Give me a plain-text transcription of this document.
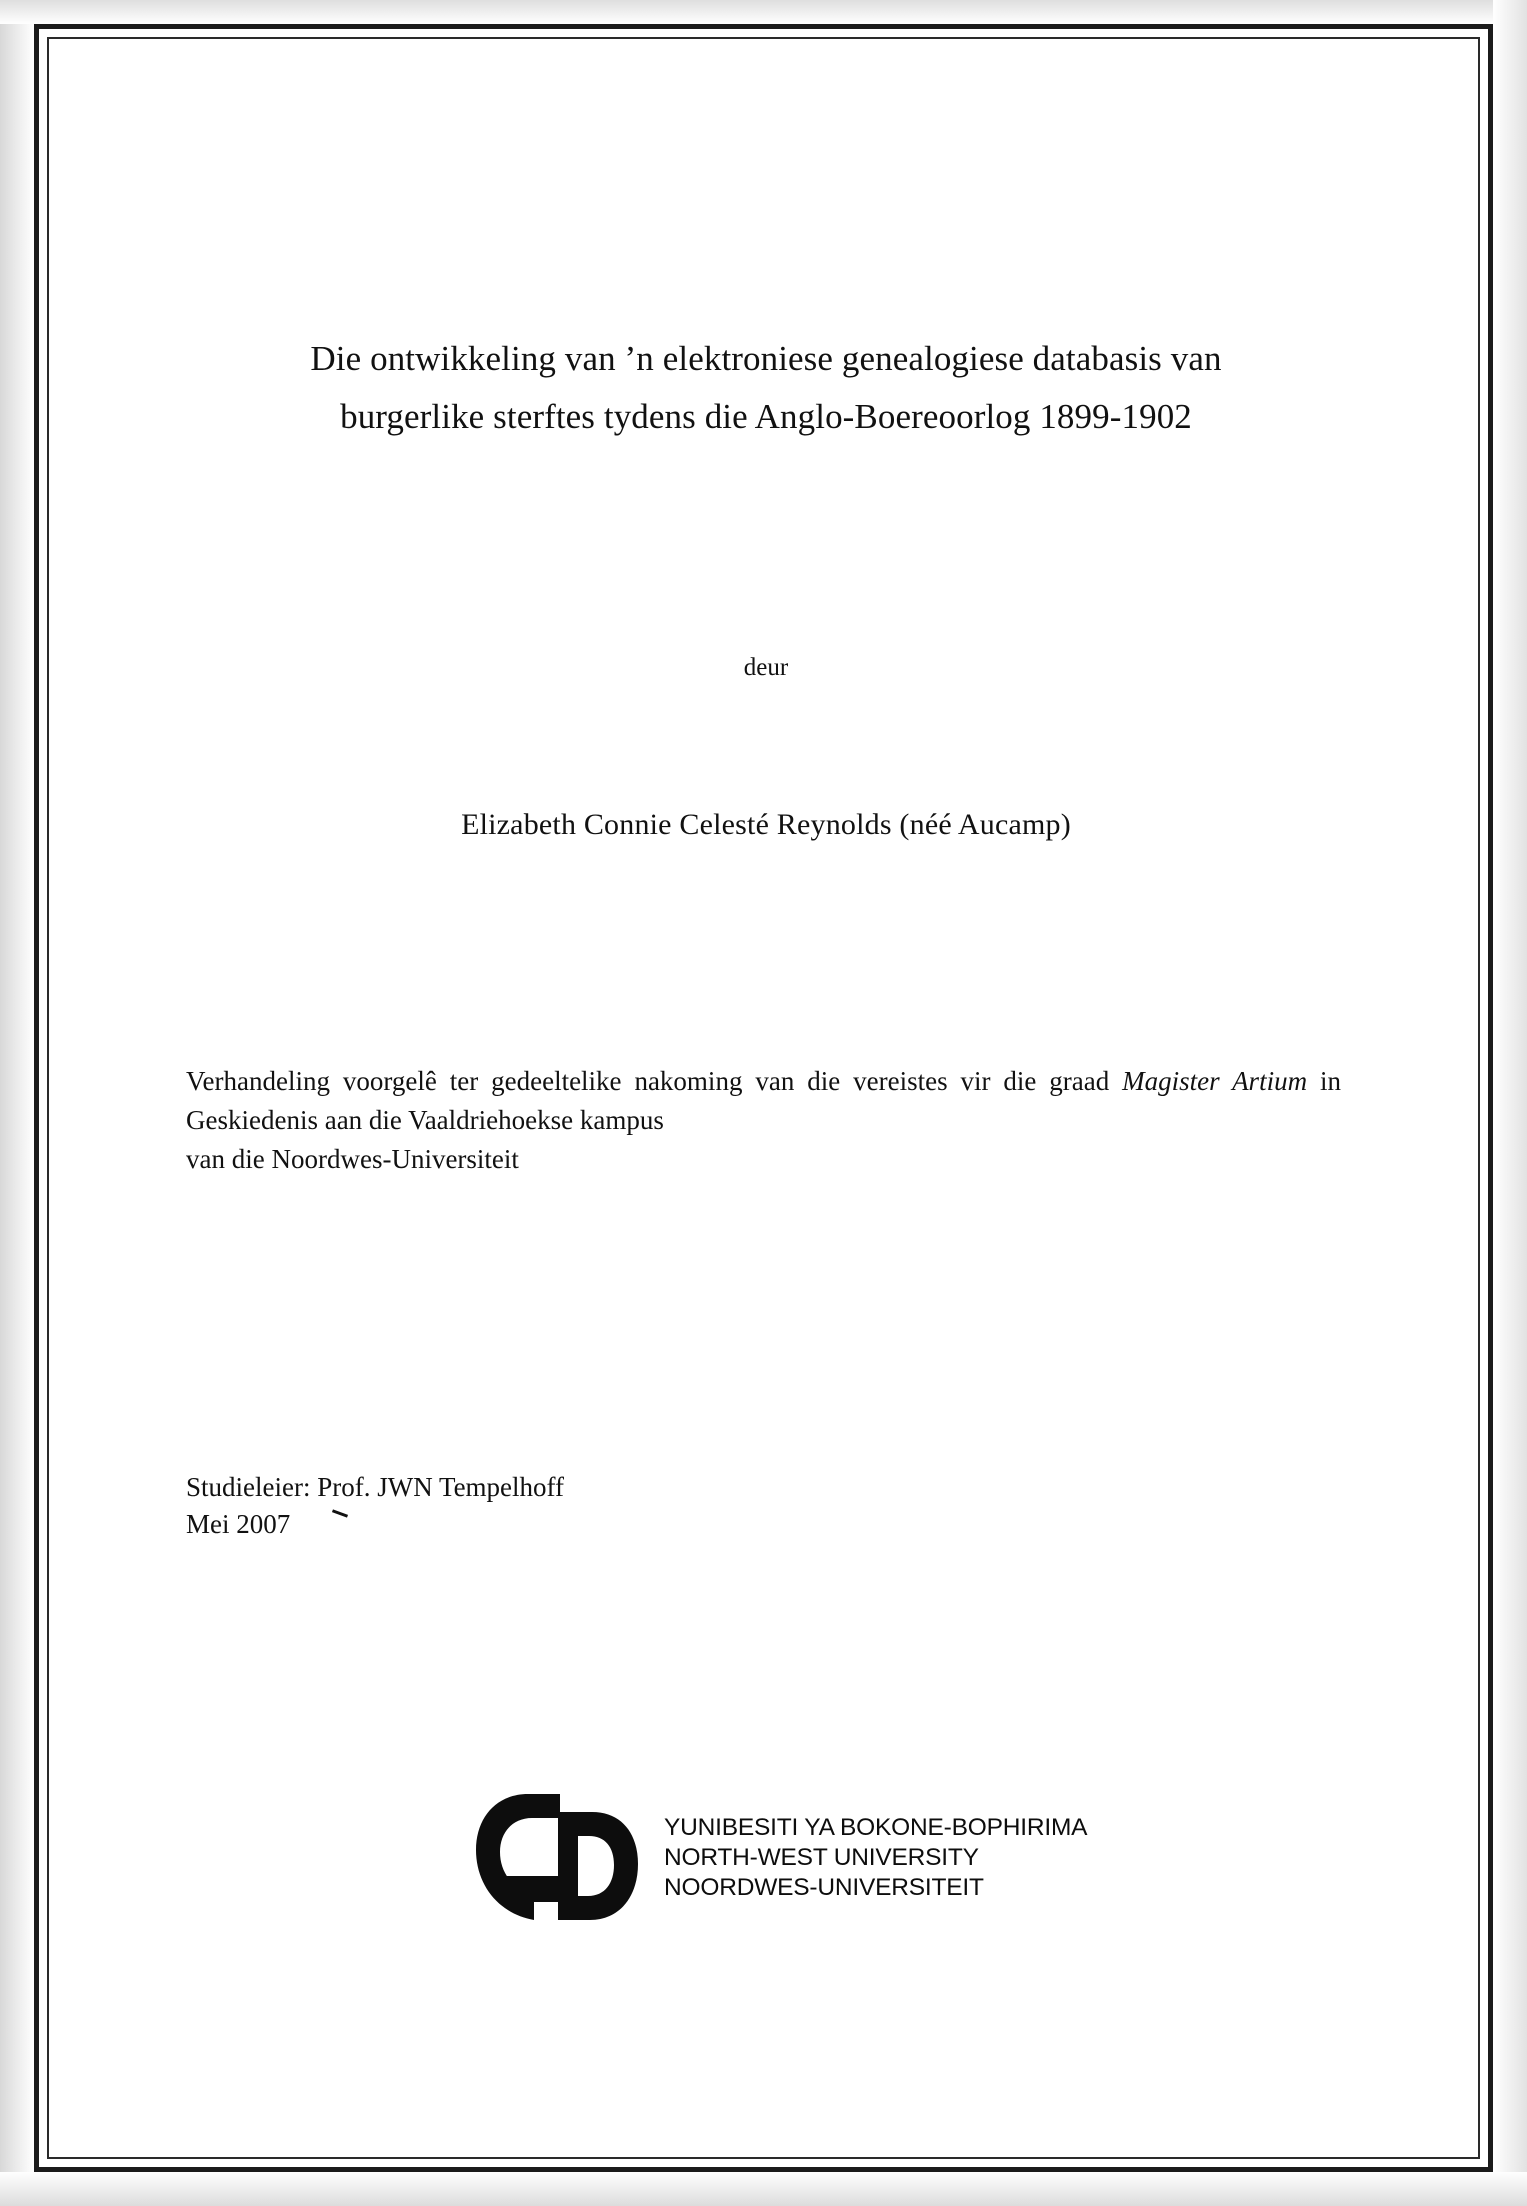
Die ontwikkeling van ’n elektroniese genealogiese databasis van
burgerlike sterftes tydens die Anglo-Boereoorlog 1899-1902

deur

Elizabeth Connie Celesté Reynolds (néé Aucamp)

Verhandeling voorgelê ter gedeeltelike nakoming van die vereistes vir die graad Magister Artium in Geskiedenis aan die Vaaldriehoekse kampus
van die Noordwes-Universiteit

Studieleier: Prof. JWN Tempelhoff
Mei 2007

YUNIBESITI YA BOKONE-BOPHIRIMA
NORTH-WEST UNIVERSITY
NOORDWES-UNIVERSITEIT
